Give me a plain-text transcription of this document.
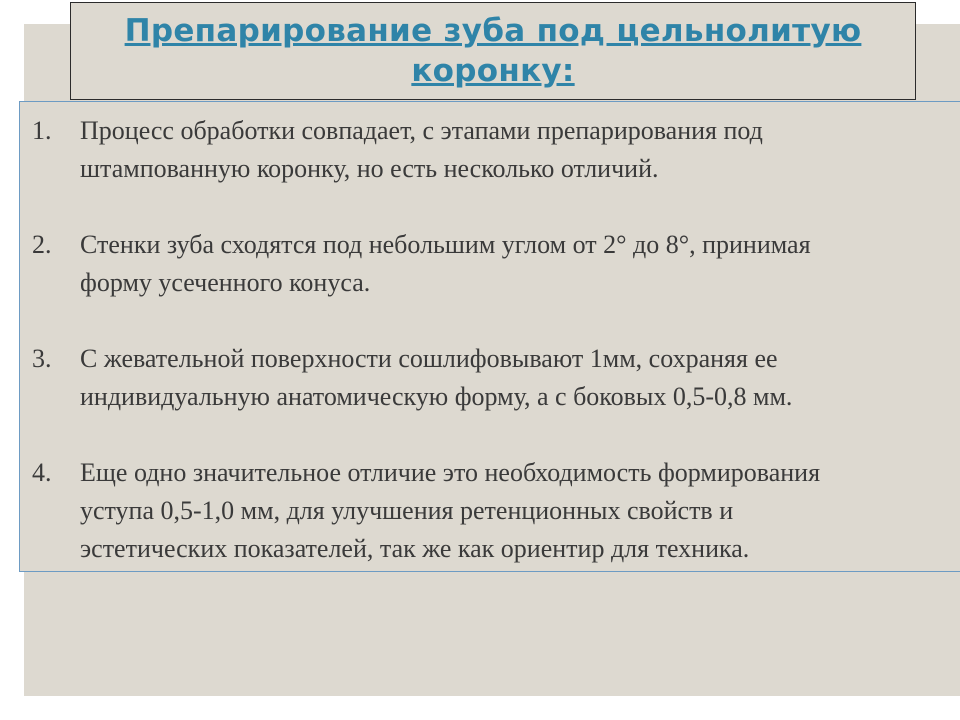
Препарирование зуба под цельнолитую
коронку:
1. Процесс обработки совпадает, с этапами препарирования под
штампованную коронку, но есть несколько отличий.
2. Стенки зуба сходятся под небольшим углом от 2° до 8°, принимая
форму усеченного конуса.
3. С жевательной поверхности сошлифовывают 1мм, сохраняя ее
индивидуальную анатомическую форму, а с боковых 0,5-0,8 мм.
4. Еще одно значительное отличие это необходимость формирования
уступа 0,5-1,0 мм, для улучшения ретенционных свойств и
эстетических показателей, так же как ориентир для техника.
